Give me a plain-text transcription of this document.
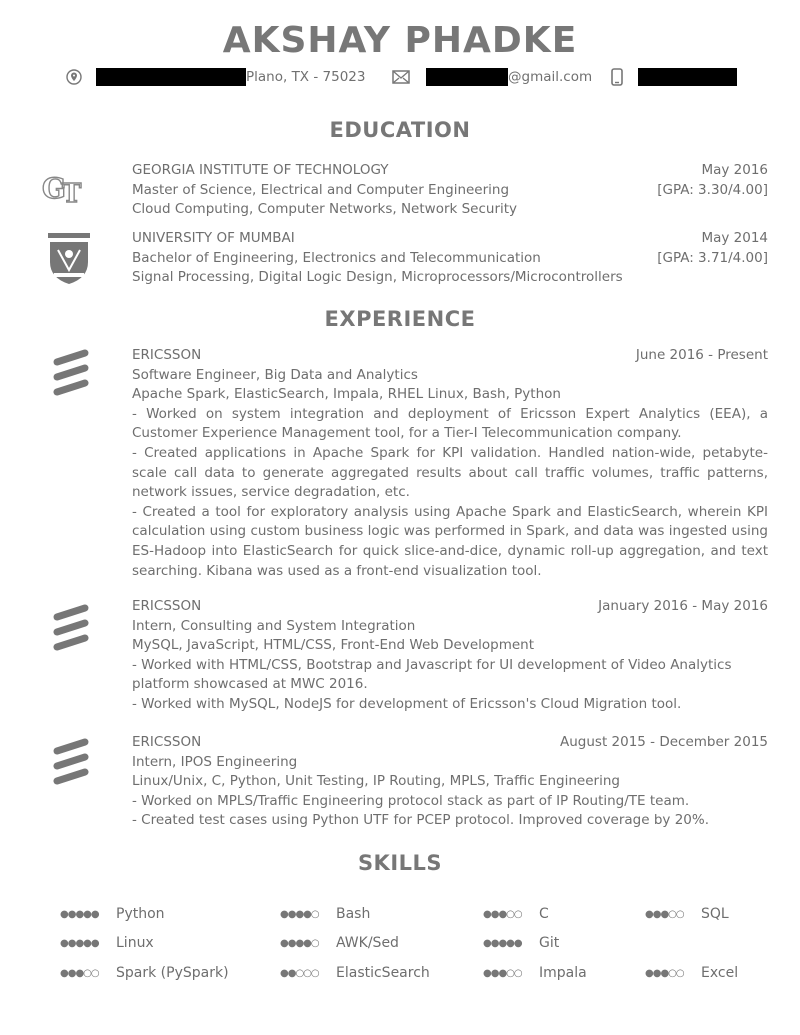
AKSHAY PHADKE
Plano, TX - 75023	@gmail.com
EDUCATION
G
T
GEORGIA INSTITUTE OF TECHNOLOGY	May 2016
Master of Science, Electrical and Computer Engineering	[GPA: 3.30/4.00]
Cloud Computing, Computer Networks, Network Security
UNIVERSITY OF MUMBAI	May 2014
Bachelor of Engineering, Electronics and Telecommunication	[GPA: 3.71/4.00]
Signal Processing, Digital Logic Design, Microprocessors/Microcontrollers
EXPERIENCE
ERICSSON	June 2016 - Present
Software Engineer, Big Data and Analytics
Apache Spark, ElasticSearch, Impala, RHEL Linux, Bash, Python
- Worked on system integration and deployment of Ericsson Expert Analytics (EEA), a Customer Experience Management tool, for a Tier-I Telecommunication company.
- Created applications in Apache Spark for KPI validation. Handled nation-wide, petabyte-scale call data to generate aggregated results about call traffic volumes, traffic patterns, network issues, service degradation, etc.
- Created a tool for exploratory analysis using Apache Spark and ElasticSearch, wherein KPI calculation using custom business logic was performed in Spark, and data was ingested using ES-Hadoop into ElasticSearch for quick slice-and-dice, dynamic roll-up aggregation, and text searching. Kibana was used as a front-end visualization tool.
ERICSSON	January 2016 - May 2016
Intern, Consulting and System Integration
MySQL, JavaScript, HTML/CSS, Front-End Web Development
- Worked with HTML/CSS, Bootstrap and Javascript for UI development of Video Analytics platform showcased at MWC 2016.
- Worked with MySQL, NodeJS for development of Ericsson's Cloud Migration tool.
ERICSSON	August 2015 - December 2015
Intern, IPOS Engineering
Linux/Unix, C, Python, Unit Testing, IP Routing, MPLS, Traffic Engineering
- Worked on MPLS/Traffic Engineering protocol stack as part of IP Routing/TE team.
- Created test cases using Python UTF for PCEP protocol. Improved coverage by 20%.
SKILLS
●●●●●	Python	●●●●○	Bash	●●●○○	C	●●●○○	SQL
●●●●●	Linux	●●●●○	AWK/Sed	●●●●●	Git
●●●○○	Spark (PySpark)	●●○○○	ElasticSearch	●●●○○	Impala	●●●○○	Excel
